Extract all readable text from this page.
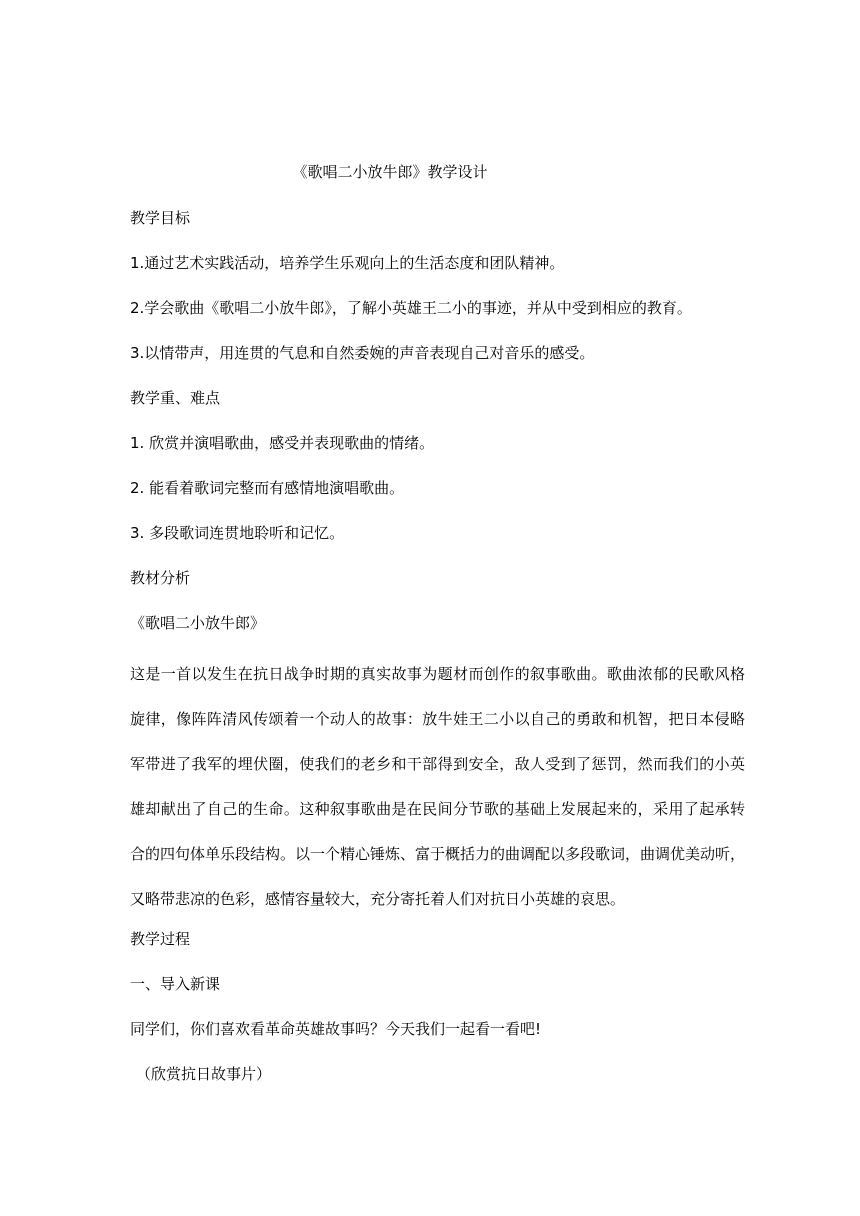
《歌唱二小放牛郎》教学设计
教学目标
1.通过艺术实践活动，培养学生乐观向上的生活态度和团队精神。
2.学会歌曲《歌唱二小放牛郎》，了解小英雄王二小的事迹，并从中受到相应的教育。
3.以情带声，用连贯的气息和自然委婉的声音表现自己对音乐的感受。
教学重、难点
1. 欣赏并演唱歌曲，感受并表现歌曲的情绪。
2. 能看着歌词完整而有感情地演唱歌曲。
3. 多段歌词连贯地聆听和记忆。
教材分析
《歌唱二小放牛郎》
这是一首以发生在抗日战争时期的真实故事为题材而创作的叙事歌曲。歌曲浓郁的民歌风格
旋律，像阵阵清风传颂着一个动人的故事：放牛娃王二小以自己的勇敢和机智，把日本侵略
军带进了我军的埋伏圈，使我们的老乡和干部得到安全，敌人受到了惩罚，然而我们的小英
雄却献出了自己的生命。这种叙事歌曲是在民间分节歌的基础上发展起来的，采用了起承转
合的四句体单乐段结构。以一个精心锤炼、富于概括力的曲调配以多段歌词，曲调优美动听，
又略带悲凉的色彩，感情容量较大，充分寄托着人们对抗日小英雄的哀思。
教学过程
一、导入新课
同学们，你们喜欢看革命英雄故事吗？今天我们一起看一看吧!
（欣赏抗日故事片）
